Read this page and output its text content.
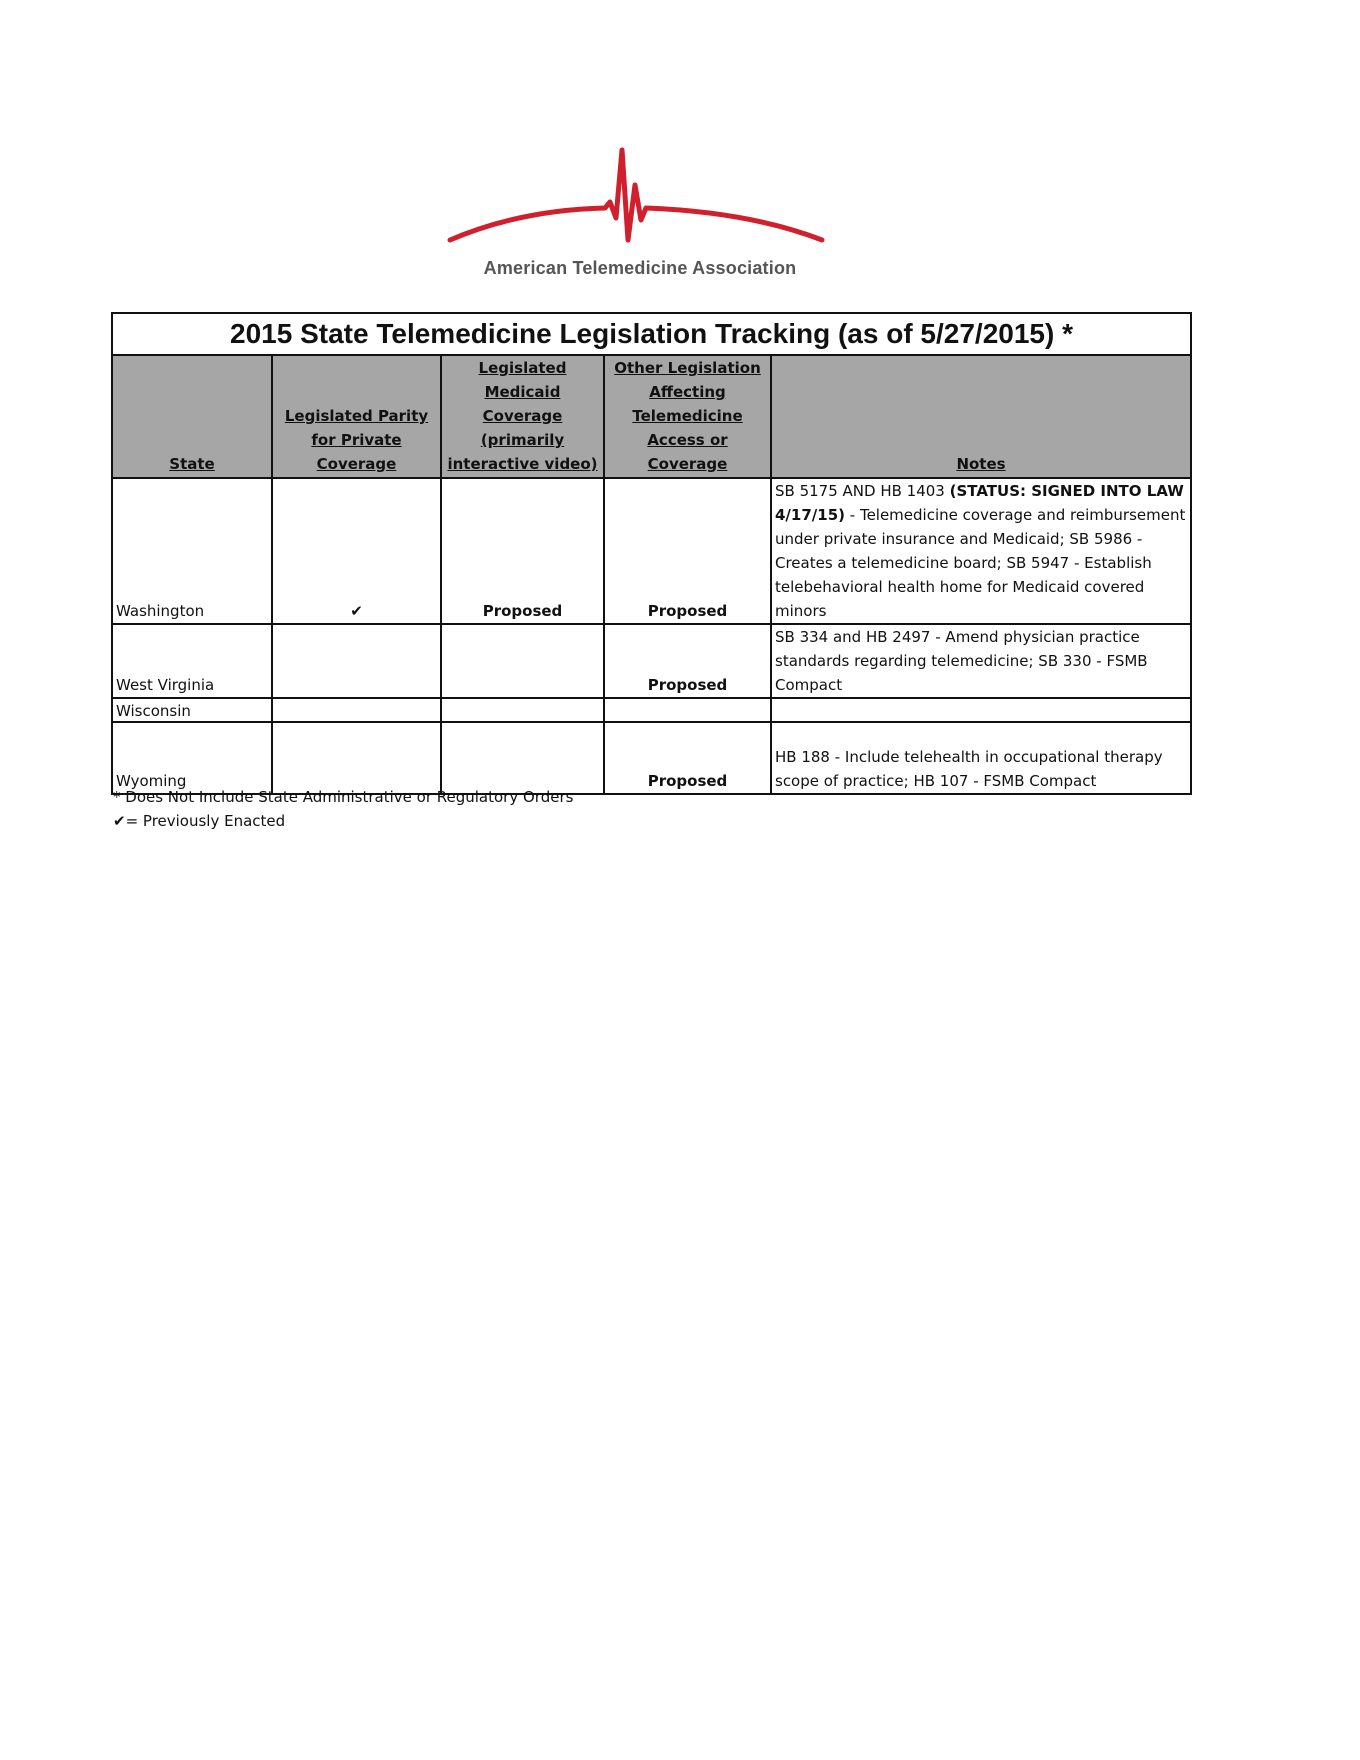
American Telemedicine Association
2015 State Telemedicine Legislation Tracking (as of 5/27/2015) *				
State	Legislated Parity for Private Coverage	Legislated Medicaid Coverage (primarily interactive video)	Other Legislation Affecting Telemedicine Access or Coverage	Notes
Washington	✔	Proposed	Proposed	SB 5175 AND HB 1403 (STATUS: SIGNED INTO LAW 4/17/15) - Telemedicine coverage and reimbursement under private insurance and Medicaid; SB 5986 - Creates a telemedicine board; SB 5947 - Establish telebehavioral health home for Medicaid covered minors
West Virginia			Proposed	SB 334 and HB 2497 - Amend physician practice standards regarding telemedicine; SB 330 - FSMB Compact
Wisconsin				
Wyoming			Proposed	HB 188 - Include telehealth in occupational therapy scope of practice; HB 107 - FSMB Compact
* Does Not Include State Administrative or Regulatory Orders
✔= Previously Enacted
